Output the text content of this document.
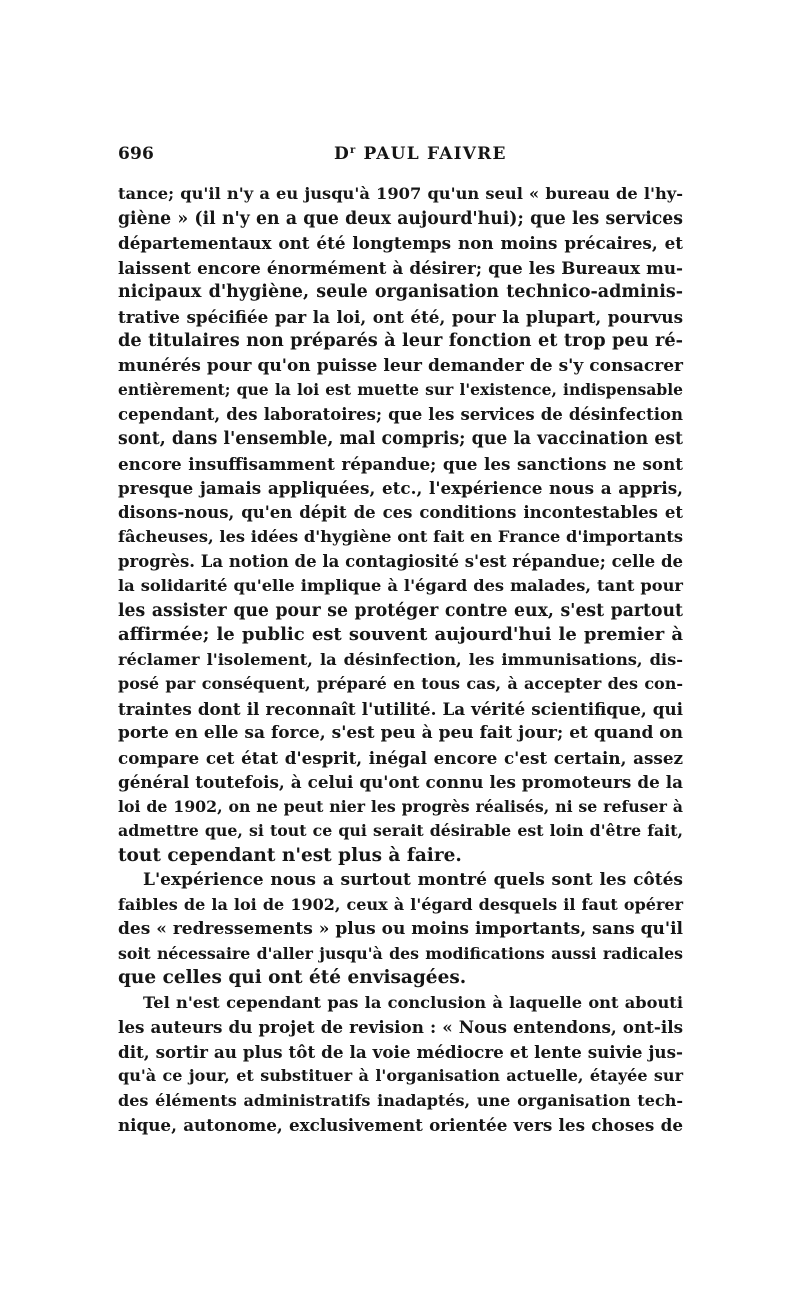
696	$D^r$ PAUL FAIVRE
tance; qu'il n'y a eu jusqu'à 1907 qu'un seul « bureau de l'hy-
giène » (il n'y en a que deux aujourd'hui); que les services
départementaux ont été longtemps non moins précaires, et
laissent encore énormément à désirer; que les Bureaux mu-
nicipaux d'hygiène, seule organisation technico-adminis-
trative spécifiée par la loi, ont été, pour la plupart, pourvus
de titulaires non préparés à leur fonction et trop peu ré-
munérés pour qu'on puisse leur demander de s'y consacrer
entièrement; que la loi est muette sur l'existence, indispensable
cependant, des laboratoires; que les services de désinfection
sont, dans l'ensemble, mal compris; que la vaccination est
encore insuffisamment répandue; que les sanctions ne sont
presque jamais appliquées, etc., l'expérience nous a appris,
disons-nous, qu'en dépit de ces conditions incontestables et
fâcheuses, les idées d'hygiène ont fait en France d'importants
progrès. La notion de la contagiosité s'est répandue; celle de
la solidarité qu'elle implique à l'égard des malades, tant pour
les assister que pour se protéger contre eux, s'est partout
affirmée; le public est souvent aujourd'hui le premier à
réclamer l'isolement, la désinfection, les immunisations, dis-
posé par conséquent, préparé en tous cas, à accepter des con-
traintes dont il reconnaît l'utilité. La vérité scientifique, qui
porte en elle sa force, s'est peu à peu fait jour; et quand on
compare cet état d'esprit, inégal encore c'est certain, assez
général toutefois, à celui qu'ont connu les promoteurs de la
loi de 1902, on ne peut nier les progrès réalisés, ni se refuser à
admettre que, si tout ce qui serait désirable est loin d'être fait,
tout cependant n'est plus à faire.
L'expérience nous a surtout montré quels sont les côtés
faibles de la loi de 1902, ceux à l'égard desquels il faut opérer
des « redressements » plus ou moins importants, sans qu'il
soit nécessaire d'aller jusqu'à des modifications aussi radicales
que celles qui ont été envisagées.
Tel n'est cependant pas la conclusion à laquelle ont abouti
les auteurs du projet de revision : « Nous entendons, ont-ils
dit, sortir au plus tôt de la voie médiocre et lente suivie jus-
qu'à ce jour, et substituer à l'organisation actuelle, étayée sur
des éléments administratifs inadaptés, une organisation tech-
nique, autonome, exclusivement orientée vers les choses de
